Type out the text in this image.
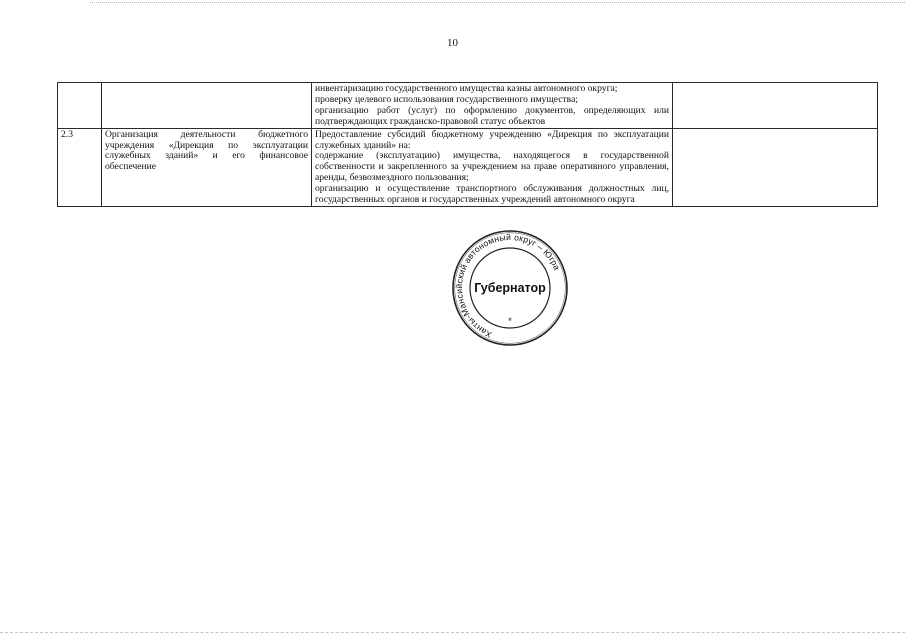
10

		инвентаризацию государственного имущества казны автономного округа;
проверку целевого использования государственного имущества;
организацию работ (услуг) по оформлению документов, определяющих или подтверждающих гражданско-правовой статус объектов	

2.3	Организация деятельности бюджетного учреждения «Дирекция по эксплуатации служебных зданий» и его финансовое обеспечение	Предоставление субсидий бюджетному учреждению «Дирекция по эксплуатации служебных зданий» на:
содержание (эксплуатацию) имущества, находящегося в государственной собственности и закрепленного за учреждением на праве оперативного управления, аренды, безвозмездного пользования;
организацию и осуществление транспортного обслуживания должностных лиц, государственных органов и государственных учреждений автономного округа	

Ханты-Мансийский автономный округ – Югра
Губернатор
*
